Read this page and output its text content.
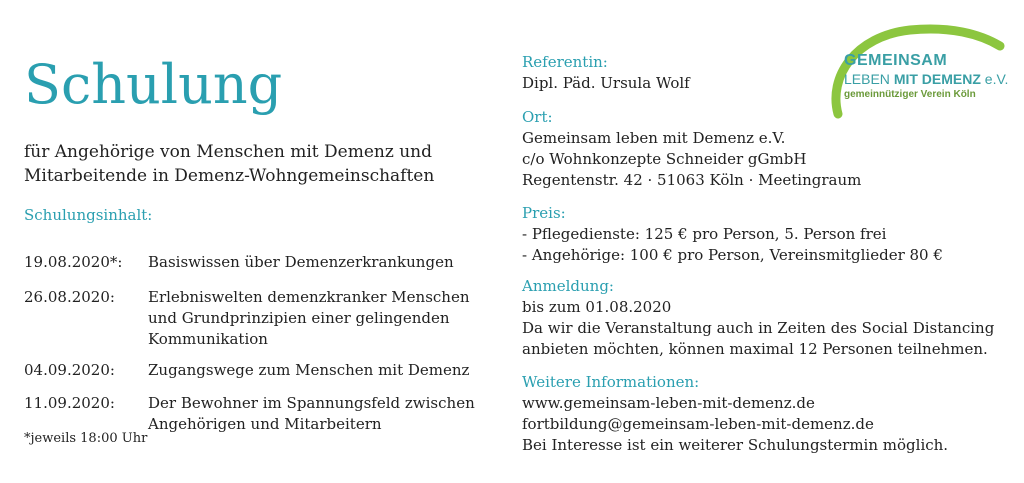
Schulung
für Angehörige von Menschen mit Demenz und
Mitarbeitende in Demenz-Wohngemeinschaften
Schulungsinhalt:
19.08.2020*:	Basiswissen über Demenzerkrankungen
26.08.2020:	Erlebniswelten demenzkranker Menschen und Grundprinzipien einer gelingenden Kommunikation
04.09.2020:	Zugangswege zum Menschen mit Demenz
11.09.2020:	Der Bewohner im Spannungsfeld zwischen Angehörigen und Mitarbeitern
*jeweils 18:00 Uhr
Referentin:
Dipl. Päd. Ursula Wolf
Ort:
Gemeinsam leben mit Demenz e.V.
c/o Wohnkonzepte Schneider gGmbH
Regentenstr. 42 · 51063 Köln · Meetingraum
Preis:
- Pflegedienste: 125 € pro Person, 5. Person frei
- Angehörige: 100 € pro Person, Vereinsmitglieder 80 €
Anmeldung:
bis zum 01.08.2020
Da wir die Veranstaltung auch in Zeiten des Social Distancing
anbieten möchten, können maximal 12 Personen teilnehmen.
Weitere Informationen:
www.gemeinsam-leben-mit-demenz.de
fortbildung@gemeinsam-leben-mit-demenz.de
Bei Interesse ist ein weiterer Schulungstermin möglich.
GEMEINSAM
LEBEN MIT DEMENZ e.V.
gemeinnütziger Verein Köln
